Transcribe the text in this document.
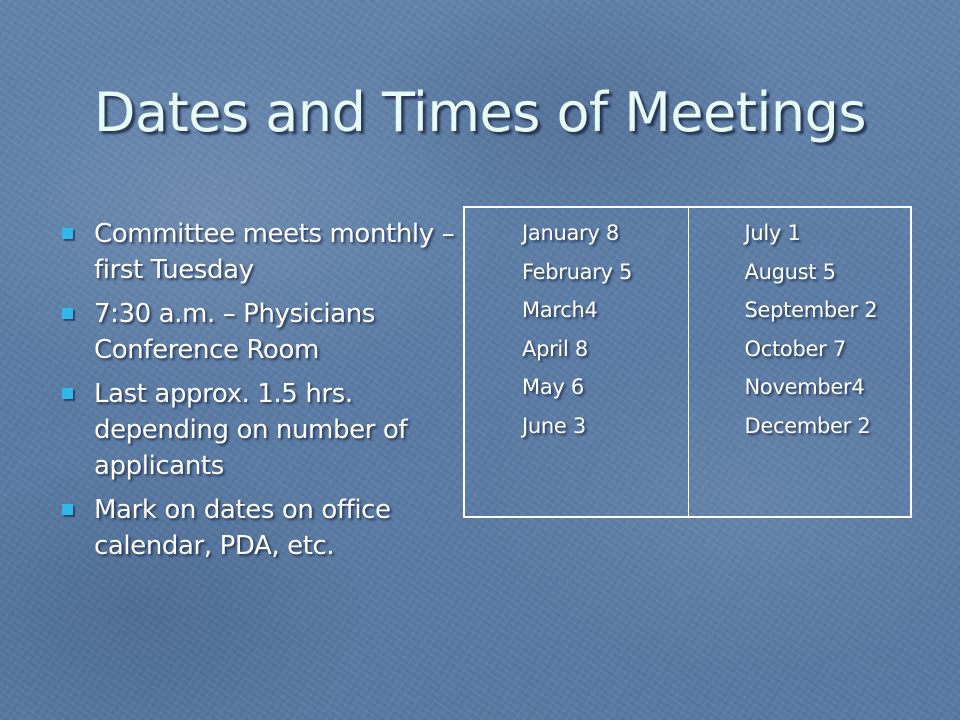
Dates and Times of Meetings
Committee meets monthly – first Tuesday
7:30 a.m. – Physicians Conference Room
Last approx. 1.5 hrs. depending on number of applicants
Mark on dates on office calendar, PDA, etc.
January 8
February 5
March4
April 8
May 6
June 3
July 1
August 5
September 2
October 7
November4
December 2
